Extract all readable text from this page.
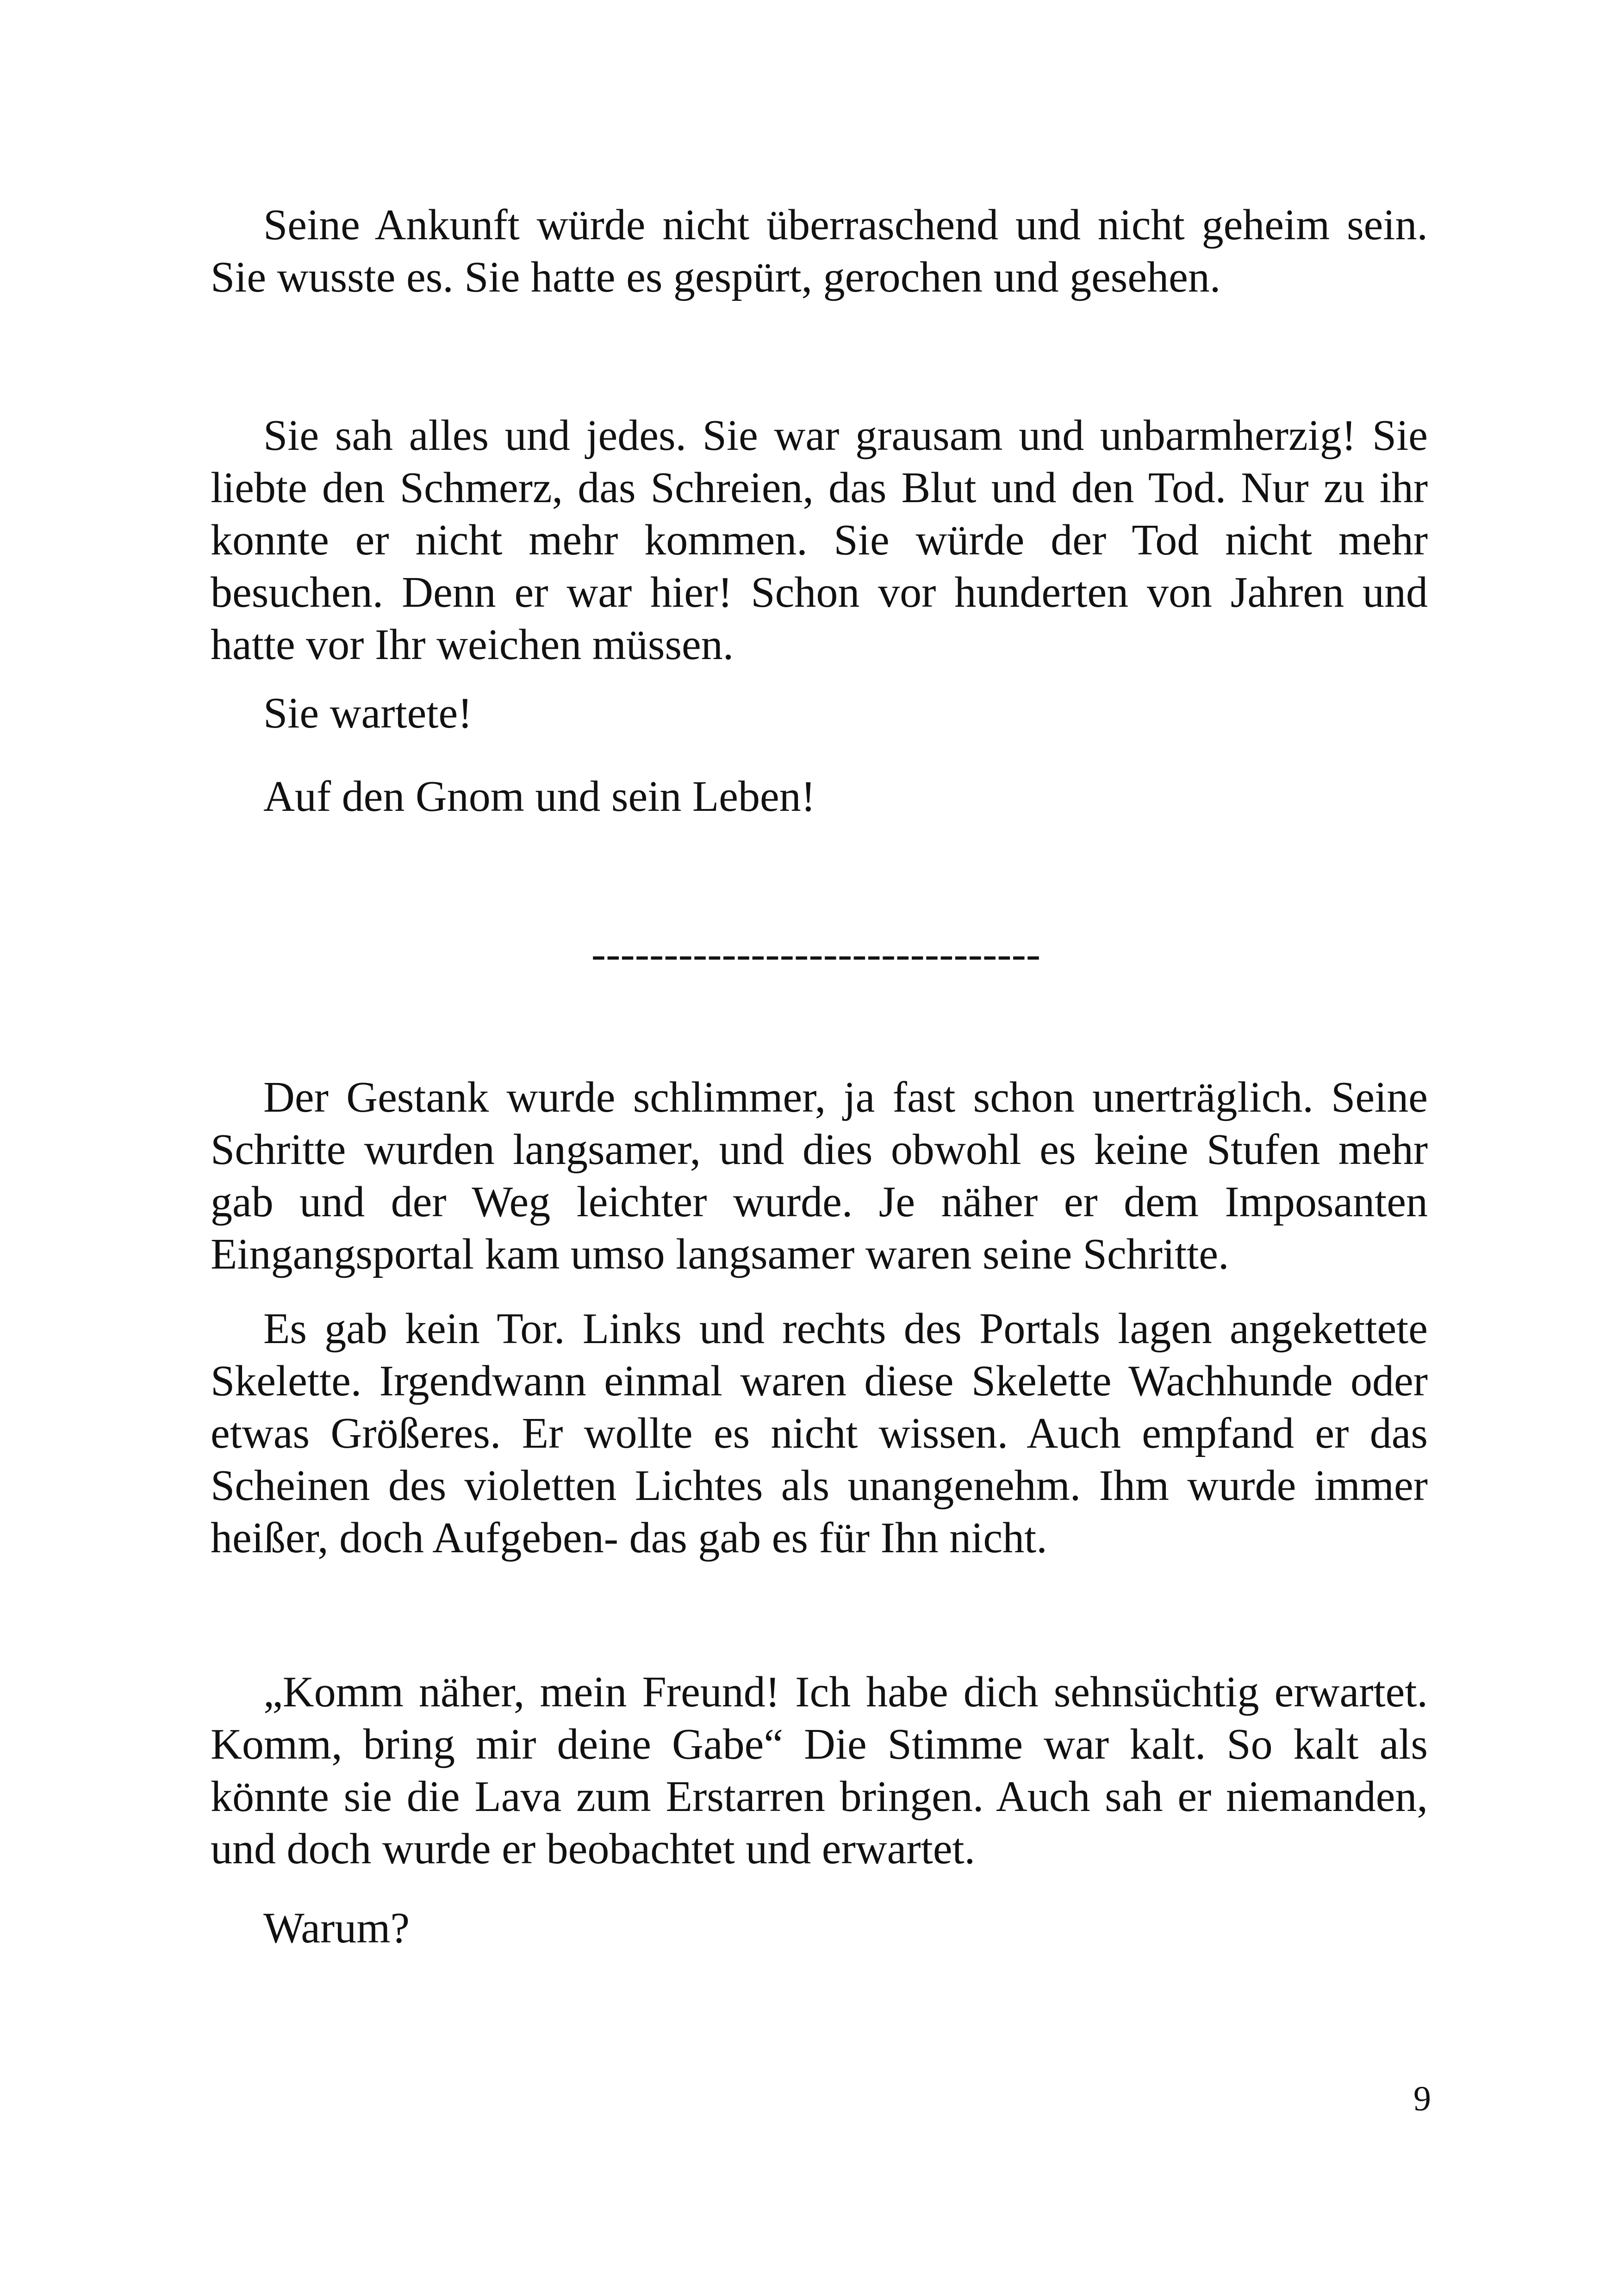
Seine Ankunft würde nicht überraschend und nicht geheim sein. Sie wusste es. Sie hatte es gespürt, gerochen und gesehen.

Sie sah alles und jedes. Sie war grausam und unbarmherzig! Sie liebte den Schmerz, das Schreien, das Blut und den Tod. Nur zu ihr konnte er nicht mehr kommen. Sie würde der Tod nicht mehr besuchen. Denn er war hier! Schon vor hunderten von Jahren und hatte vor Ihr weichen müssen.

Sie wartete!

Auf den Gnom und sein Leben!

-------------------------------

Der Gestank wurde schlimmer, ja fast schon unerträglich. Seine Schritte wurden langsamer, und dies obwohl es keine Stufen mehr gab und der Weg leichter wurde. Je näher er dem Imposanten Eingangsportal kam umso langsamer waren seine Schritte.

Es gab kein Tor. Links und rechts des Portals lagen angekettete Skelette. Irgendwann einmal waren diese Skelette Wachhunde oder etwas Größeres. Er wollte es nicht wissen. Auch empfand er das Scheinen des violetten Lichtes als unangenehm. Ihm wurde immer heißer, doch Aufgeben- das gab es für Ihn nicht.

„Komm näher, mein Freund! Ich habe dich sehnsüchtig erwartet. Komm, bring mir deine Gabe“ Die Stimme war kalt. So kalt als könnte sie die Lava zum Erstarren bringen. Auch sah er niemanden, und doch wurde er beobachtet und erwartet.

Warum?

9
